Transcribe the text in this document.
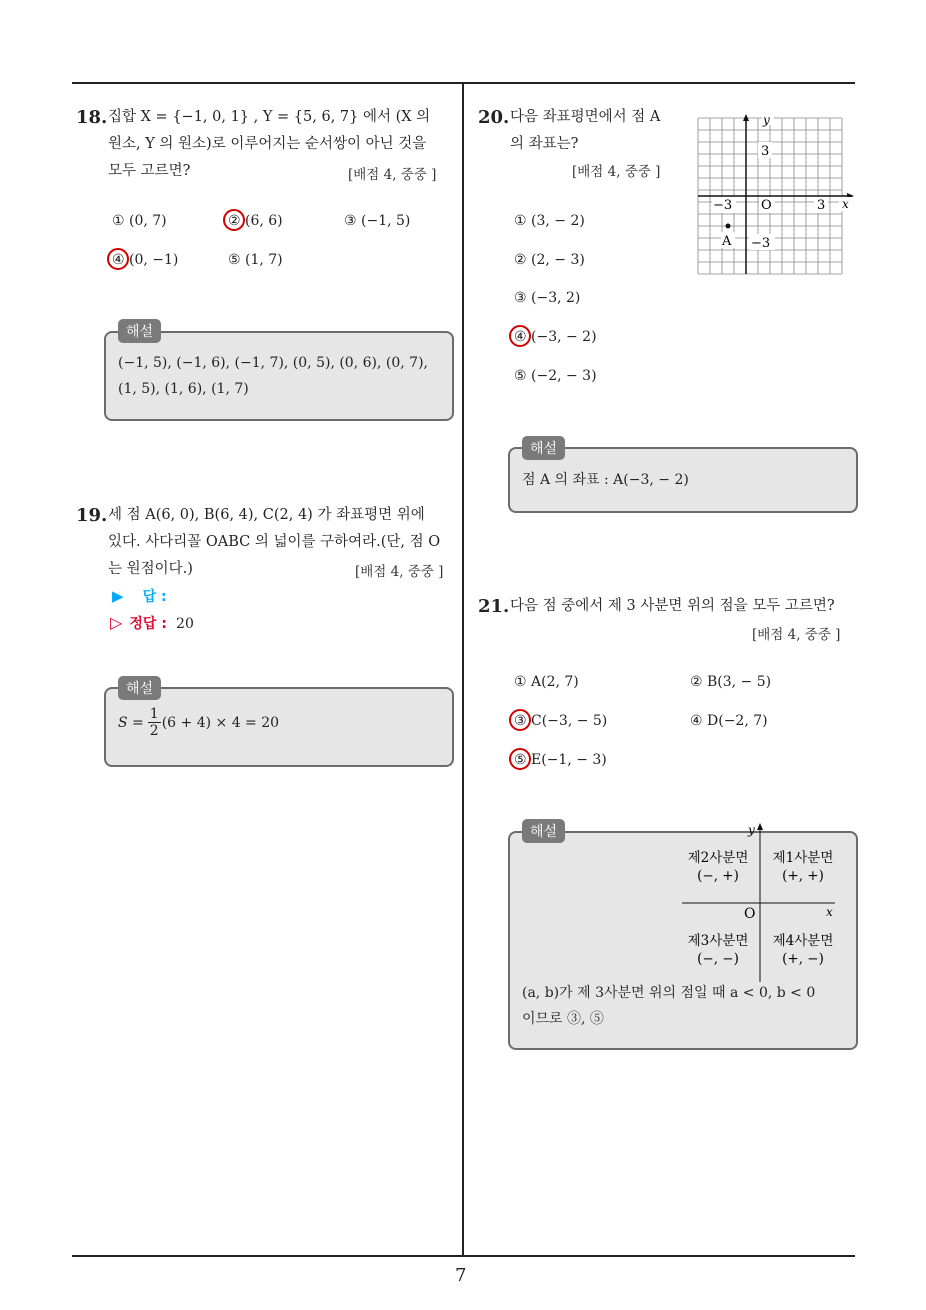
7
18. 집합 X = {−1, 0, 1} , Y = {5, 6, 7} 에서 (X 의
원소, Y 의 원소)로 이루어지는 순서쌍이 아닌 것을
모두 고르면?	[배점 4, 중중 ]
① (0, 7)	② (6, 6)	③ (−1, 5)
④ (0, −1)	⑤ (1, 7)
해설
(−1, 5), (−1, 6), (−1, 7), (0, 5), (0, 6), (0, 7),
(1, 5), (1, 6), (1, 7)
19. 세 점 A(6, 0), B(6, 4), C(2, 4) 가 좌표평면 위에
있다. 사다리꼴 OABC 의 넓이를 구하여라.(단, 점 O
는 원점이다.)	[배점 4, 중중 ]
▶ 답 :
▷ 정답 : 20
해설
$S = \frac{1}{2} (6 + 4) \times 4 = 20$
20. 다음 좌표평면에서 점 A
의 좌표는?
[배점 4, 중중 ]
y
x
3
−3 O	3
−3
A
① (3, − 2)
② (2, − 3)
③ (−3, 2)
④ (−3, − 2)
⑤ (−2, − 3)
해설
점 A 의 좌표 : A(−3, − 2)
21. 다음 점 중에서 제 3 사분면 위의 점을 모두 고르면?
[배점 4, 중중 ]
① A(2, 7)	② B(3, − 5)
③ C(−3, − 5)	④ D(−2, 7)
⑤ E(−1, − 3)
해설	y
x
O
제2사분면
(−, +)
제1사분면
(+, +)
제3사분면
(−, −)
제4사분면
(+, −)
(a, b)가 제 3사분면 위의 점일 때 a < 0, b < 0
이므로 ③, ⑤
